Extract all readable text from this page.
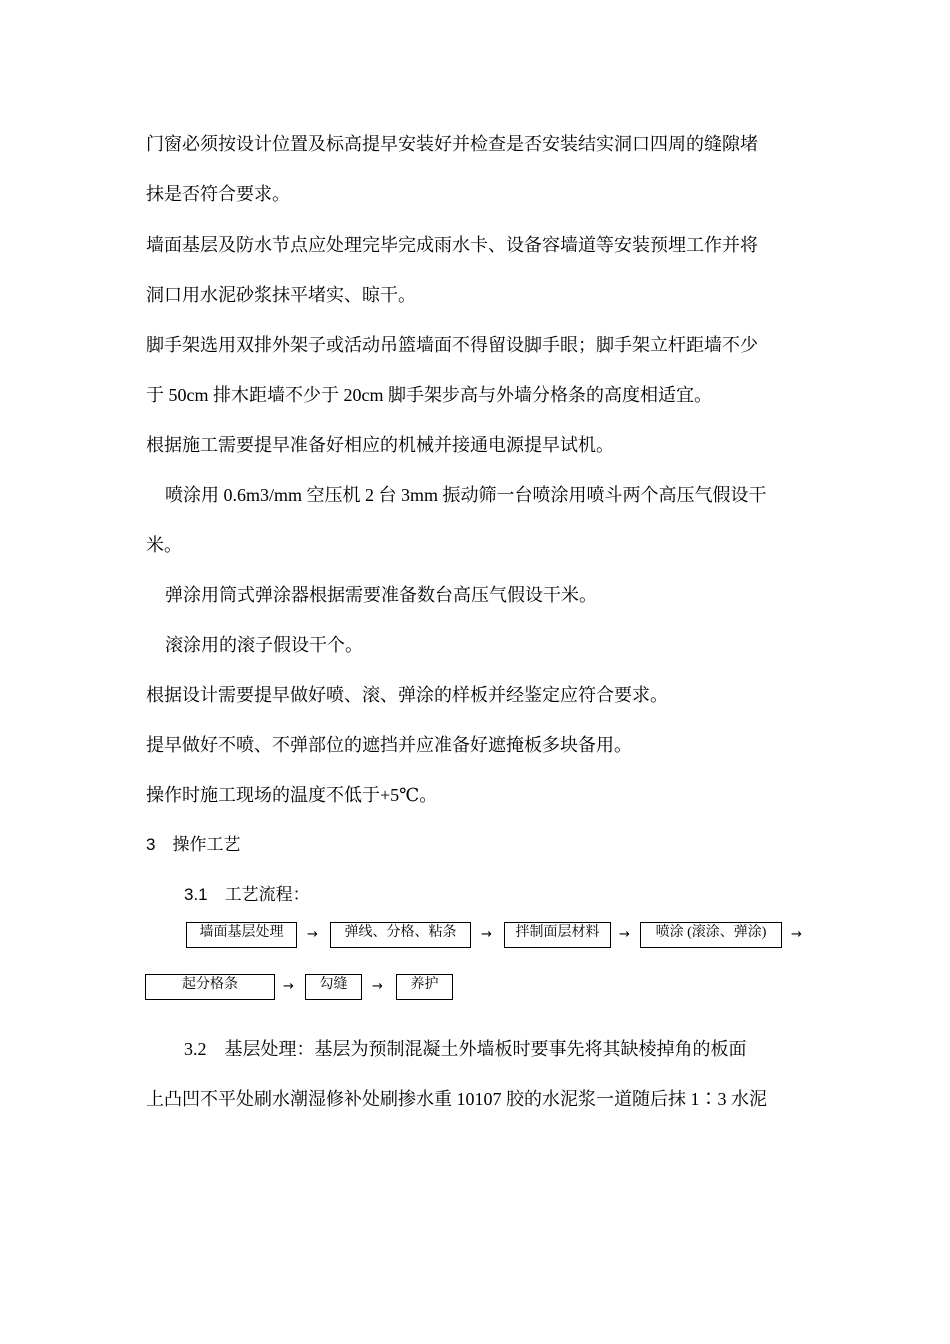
门窗必须按设计位置及标高提早安装好并检查是否安装结实洞口四周的缝隙堵
抹是否符合要求。
墙面基层及防水节点应处理完毕完成雨水卡、设备容墙道等安装预埋工作并将
洞口用水泥砂浆抹平堵实、晾干。
脚手架选用双排外架子或活动吊篮墙面不得留设脚手眼；脚手架立杆距墙不少
于 50cm 排木距墙不少于 20cm 脚手架步高与外墙分格条的高度相适宜。
根据施工需要提早准备好相应的机械并接通电源提早试机。
喷涂用 0.6m3/mm 空压机 2 台 3mm 振动筛一台喷涂用喷斗两个高压气假设干
米。
弹涂用筒式弹涂器根据需要准备数台高压气假设干米。
滚涂用的滚子假设干个。
根据设计需要提早做好喷、滚、弹涂的样板并经鉴定应符合要求。
提早做好不喷、不弹部位的遮挡并应准备好遮掩板多块备用。
操作时施工现场的温度不低于+5℃。
3　操作工艺
3.1　工艺流程：
墙面基层处理	→	弹线、分格、粘条	→	拌制面层材料	→	喷涂 (滚涂、弹涂)	→
起分格条	→	勾缝	→	养护
3.2　基层处理：基层为预制混凝土外墙板时要事先将其缺棱掉角的板面
上凸凹不平处刷水潮湿修补处刷掺水重 10107 胶的水泥浆一道随后抹 1∶3 水泥
